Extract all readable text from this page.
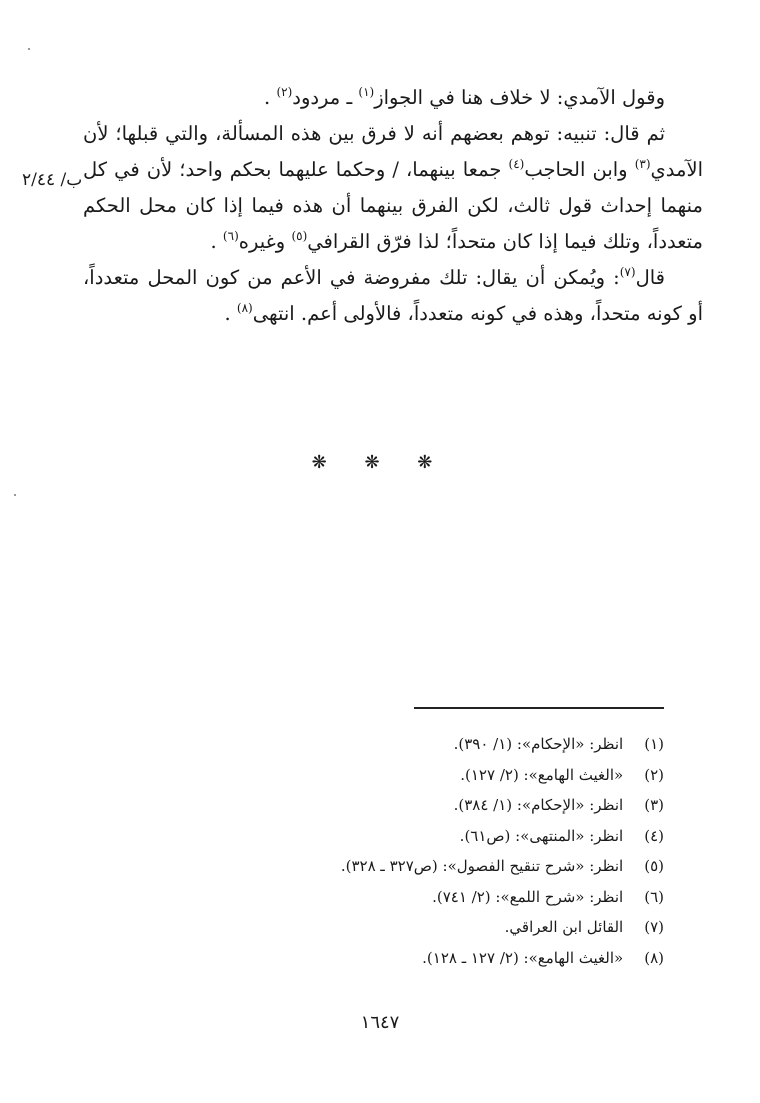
وقول الآمدي: لا خلاف هنا في الجواز$^{(١)}$ ـ مردود$^{(٢)}$ .

ثم قال: تنبيه: توهم بعضهم أنه لا فرق بين هذه المسألة، والتي قبلها؛ لأن الآمدي$^{(٣)}$ وابن الحاجب$^{(٤)}$ جمعا بينهما، / وحكما عليهما بحكم واحد؛ لأن في كل منهما إحداث قول ثالث، لكن الفرق بينهما أن هذه فيما إذا كان محل الحكم متعدداً، وتلك فيما إذا كان متحداً؛ لذا فرّق القرافي$^{(٥)}$ وغيره$^{(٦)}$ .

قال$^{(٧)}$: ويُمكن أن يقال: تلك مفروضة في الأعم من كون المحل متعدداً، أو كونه متحداً، وهذه في كونه متعدداً، فالأولى أعم. انتهى$^{(٨)}$ .

ب/ ٢/٤٤
❋ ❋ ❋
(١) انظر: «الإحكام»: (١/ ٣٩٠).
(٢) «الغيث الهامع»: (٢/ ١٢٧).
(٣) انظر: «الإحكام»: (١/ ٣٨٤).
(٤) انظر: «المنتهى»: (ص٦١).
(٥) انظر: «شرح تنقيح الفصول»: (ص٣٢٧ ـ ٣٢٨).
(٦) انظر: «شرح اللمع»: (٢/ ٧٤١).
(٧) القائل ابن العراقي.
(٨) «الغيث الهامع»: (٢/ ١٢٧ ـ ١٢٨).
١٦٤٧
